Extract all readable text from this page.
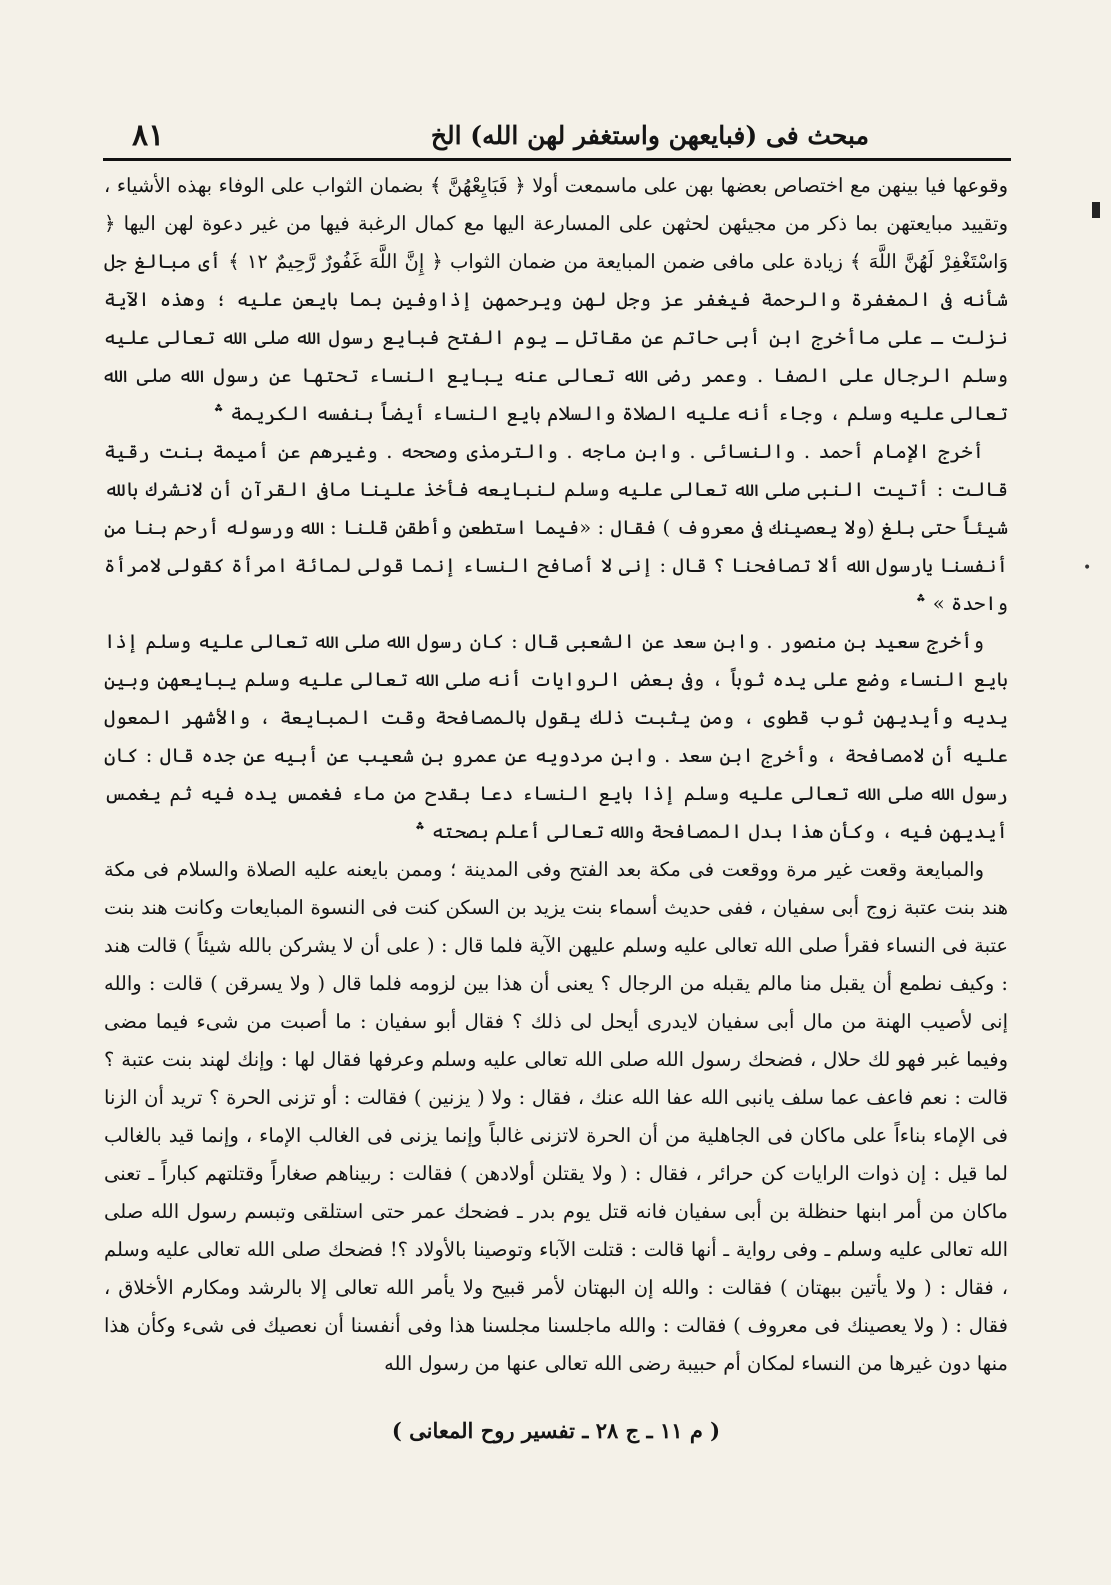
٨١	مبحث فى (فبايعهن واستغفر لهن الله) الخ

وقوعها فيا بينهن مع اختصاص بعضها بهن على ماسمعت أولا ﴿ فَبَايِعْهُنَّ ﴾ بضمان الثواب على الوفاء بهذه الأشياء ، وتقييد مبايعتهن بما ذكر من مجيئهن لحثهن على المسارعة اليها مع كمال الرغبة فيها من غير دعوة لهن اليها ﴿ وَاسْتَغْفِرْ لَهُنَّ اللَّهَ ﴾ زيادة على مافى ضمن المبايعة من ضمان الثواب ﴿ إِنَّ اللَّهَ غَفُورٌ رَّحِيمٌ ١٢ ﴾ أى مبالغ جل شأنه فى المغفرة والرحمة فيغفر عز وجل لهن ويرحمهن إذاوفين بما بايعن عليه ؛ وهذه الآية نزلت ـ على ماأخرج ابن أبى حاتم عن مقاتل ـ يوم الفتح فبايع رسول الله صلى الله تعالى عليه وسلم الرجال على الصفا . وعمر رضى الله تعالى عنه يبايع النساء تحتها عن رسول الله صلى الله تعالى عليه وسلم ، وجاء أنه عليه الصلاة والسلام بايع النساء أيضاً بنفسه الكريمة ؞

أخرج الإمام أحمد . والنسائى . وابن ماجه . والترمذى وصححه . وغيرهم عن أميمة بنت رقية قالت : أتيت النبى صلى الله تعالى عليه وسلم لنبايعه فأخذ علينا مافى القرآن أن لانشرك بالله شيئاً حتى بلغ (ولا يعصينك فى معروف ) فقال : «فيما استطعن وأطقن قلنا : الله ورسوله أرحم بنا من أنفسنا يارسول الله ألا تصافحنا ؟ قال : إنى لا أصافح النساء إنما قولى لمائة امرأة كقولى لامرأة واحدة » ؞

وأخرج سعيد بن منصور . وابن سعد عن الشعبى قال : كان رسول الله صلى الله تعالى عليه وسلم إذا بايع النساء وضع على يده ثوباً ، وفى بعض الروايات أنه صلى الله تعالى عليه وسلم يبايعهن وبين يديه وأيديهن ثوب قطوى ، ومن يثبت ذلك يقول بالمصافحة وقت المبايعة ، والأشهر المعول عليه أن لامصافحة ، وأخرج ابن سعد . وابن مردويه عن عمرو بن شعيب عن أبيه عن جده قال : كان رسول الله صلى الله تعالى عليه وسلم إذا بايع النساء دعا بقدح من ماء فغمس يده فيه ثم يغمس أيديهن فيه ، وكأن هذا بدل المصافحة والله تعالى أعلم بصحته ؞

والمبايعة وقعت غير مرة ووقعت فى مكة بعد الفتح وفى المدينة ؛ وممن بايعنه عليه الصلاة والسلام فى مكة هند بنت عتبة زوج أبى سفيان ، ففى حديث أسماء بنت يزيد بن السكن كنت فى النسوة المبايعات وكانت هند بنت عتبة فى النساء فقرأ صلى الله تعالى عليه وسلم عليهن الآية فلما قال : ( على أن لا يشركن بالله شيئاً ) قالت هند : وكيف نطمع أن يقبل منا مالم يقبله من الرجال ؟ يعنى أن هذا بين لزومه فلما قال ( ولا يسرقن ) قالت : والله إنى لأصيب الهنة من مال أبى سفيان لايدرى أيحل لى ذلك ؟ فقال أبو سفيان : ما أصبت من شىء فيما مضى وفيما غبر فهو لك حلال ، فضحك رسول الله صلى الله تعالى عليه وسلم وعرفها فقال لها : وإنك لهند بنت عتبة ؟ قالت : نعم فاعف عما سلف يانبى الله عفا الله عنك ، فقال : ولا ( يزنين ) فقالت : أو تزنى الحرة ؟ تريد أن الزنا فى الإماء بناءاً على ماكان فى الجاهلية من أن الحرة لاتزنى غالباً وإنما يزنى فى الغالب الإماء ، وإنما قيد بالغالب لما قيل : إن ذوات الرايات كن حرائر ، فقال : ( ولا يقتلن أولادهن ) فقالت : ربيناهم صغاراً وقتلتهم كباراً ـ تعنى ماكان من أمر ابنها حنظلة بن أبى سفيان فانه قتل يوم بدر ـ فضحك عمر حتى استلقى وتبسم رسول الله صلى الله تعالى عليه وسلم ـ وفى رواية ـ أنها قالت : قتلت الآباء وتوصينا بالأولاد ؟! فضحك صلى الله تعالى عليه وسلم ، فقال : ( ولا يأتين ببهتان ) فقالت : والله إن البهتان لأمر قبيح ولا يأمر الله تعالى إلا بالرشد ومكارم الأخلاق ، فقال : ( ولا يعصينك فى معروف ) فقالت : والله ماجلسنا مجلسنا هذا وفى أنفسنا أن نعصيك فى شىء وكأن هذا منها دون غيرها من النساء لمكان أم حبيبة رضى الله تعالى عنها من رسول الله

( م ١١ ـ ج ٢٨ ـ تفسير روح المعانى )
•
